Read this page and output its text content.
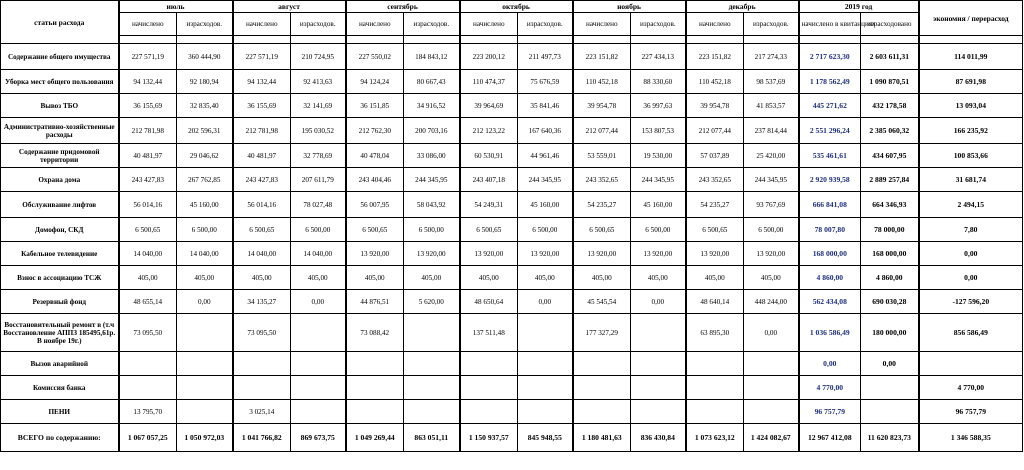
статьи расхода	июль		август		сентябрь		октябрь		ноябрь		декабрь		2019 год		экономия / перерасход
	начислено	израсходов.	начислено	израсходов.	начислено	израсходов.	начислено	израсходов.	начислено	израсходов.	начислено	израсходов.	начислено в квитанциях	израсходовано	

Содержание общего имущества	227 571,19	360 444,90	227 571,19	210 724,95	227 550,02	184 843,12	223 200,12	211 497,73	223 151,82	227 434,13	223 151,82	217 274,33	2 717 623,30	2 603 611,31	114 011,99
Уборка мест общего пользования	94 132,44	92 180,94	94 132,44	92 413,63	94 124,24	80 667,43	110 474,37	75 676,59	110 452,18	88 330,60	110 452,18	98 537,69	1 178 562,49	1 090 870,51	87 691,98
Вывоз ТБО	36 155,69	32 835,40	36 155,69	32 141,69	36 151,85	34 916,52	39 964,69	35 841,46	39 954,78	36 997,63	39 954,78	41 853,57	445 271,62	432 178,58	13 093,04
Административно-хозяйственные расходы	212 781,98	202 596,31	212 781,98	195 030,52	212 762,30	200 703,16	212 123,22	167 640,36	212 077,44	153 807,53	212 077,44	237 814,44	2 551 296,24	2 385 060,32	166 235,92
Содержание придомовой территории	40 481,97	29 046,62	40 481,97	32 778,69	40 478,04	33 086,00	60 530,91	44 961,46	53 559,01	19 530,00	57 037,89	25 420,00	535 461,61	434 607,95	100 853,66
Охрана дома	243 427,83	267 762,85	243 427,83	207 611,79	243 404,46	244 345,95	243 407,18	244 345,95	243 352,65	244 345,95	243 352,65	244 345,95	2 920 939,58	2 889 257,84	31 681,74
Обслуживание лифтов	56 014,16	45 160,00	56 014,16	78 027,48	56 007,95	58 043,92	54 249,31	45 160,00	54 235,27	45 160,00	54 235,27	93 767,69	666 841,08	664 346,93	2 494,15
Домофон, СКД	6 500,65	6 500,00	6 500,65	6 500,00	6 500,65	6 500,00	6 500,65	6 500,00	6 500,65	6 500,00	6 500,65	6 500,00	78 007,80	78 000,00	7,80
Кабельное телевидение	14 040,00	14 040,00	14 040,00	14 040,00	13 920,00	13 920,00	13 920,00	13 920,00	13 920,00	13 920,00	13 920,00	13 920,00	168 000,00	168 000,00	0,00
Взнос в ассоциацию ТСЖ	405,00	405,00	405,00	405,00	405,00	405,00	405,00	405,00	405,00	405,00	405,00	405,00	4 860,00	4 860,00	0,00
Резервный фонд	48 655,14	0,00	34 135,27	0,00	44 876,51	5 620,00	48 650,64	0,00	45 545,54	0,00	48 640,14	448 244,00	562 434,08	690 030,28	-127 596,20
Восстановительный ремонт в (т.ч Восстановление АППЗ 185495,61р. В ноябре 19г.)	73 095,50		73 095,50		73 088,42		137 511,48		177 327,29		63 895,30	0,00	1 036 586,49	180 000,00	856 586,49
Вызов аварийной													0,00	0,00	
Комиссия банка													4 770,00		4 770,00
ПЕНИ	13 795,70		3 025,14										96 757,79		96 757,79
ВСЕГО по содержанию:	1 067 057,25	1 050 972,03	1 041 766,82	869 673,75	1 049 269,44	863 051,11	1 150 937,57	845 948,55	1 180 481,63	836 430,84	1 073 623,12	1 424 082,67	12 967 412,08	11 620 823,73	1 346 588,35
